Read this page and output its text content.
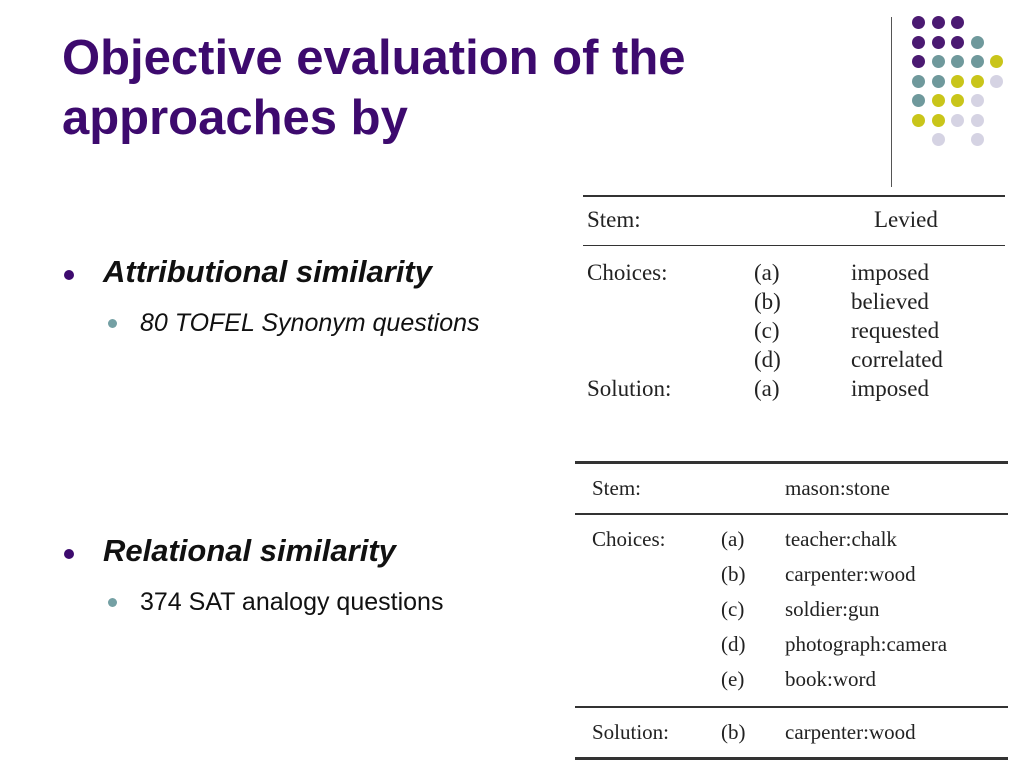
Objective evaluation of the approaches by
Attributional similarity
80 TOFEL Synonym questions
Relational similarity
374 SAT analogy questions
Stem:	Levied
Choices:	(a)	imposed
(b)	believed
(c)	requested
(d)	correlated
Solution:	(a)	imposed
Stem:	mason:stone
Choices:	(a) teacher:chalk
(b) carpenter:wood
(c) soldier:gun
(d) photograph:camera
(e) book:word
Solution: (b) carpenter:wood
